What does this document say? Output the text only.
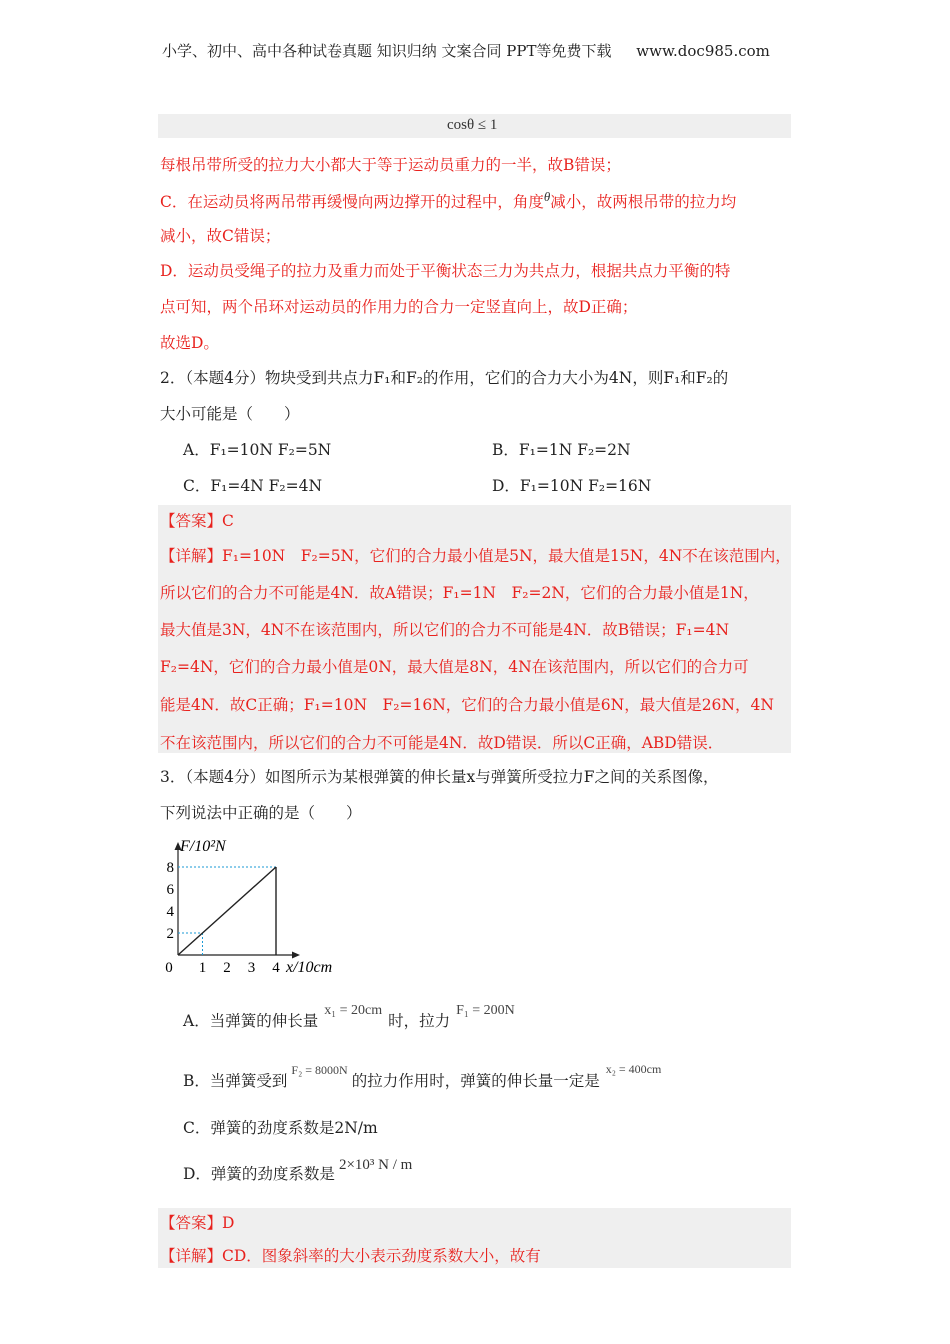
小学、初中、高中各种试卷真题 知识归纳 文案合同 PPT等免费下载 www.doc985.com
cosθ ≤ 1
每根吊带所受的拉力大小都大于等于运动员重力的一半，故B错误；
C．在运动员将两吊带再缓慢向两边撑开的过程中，角度$^\theta$减小，故两根吊带的拉力均
减小，故C错误；
D．运动员受绳子的拉力及重力而处于平衡状态三力为共点力，根据共点力平衡的特
点可知，两个吊环对运动员的作用力的合力一定竖直向上，故D正确；
故选D。
2．（本题4分）物块受到共点力F₁和F₂的作用，它们的合力大小为4N，则F₁和F₂的
大小可能是（　　）
A．F₁=10N F₂=5N	B．F₁=1N F₂=2N
C．F₁=4N F₂=4N	D．F₁=10N F₂=16N
【答案】C
【详解】F₁=10N　F₂=5N，它们的合力最小值是5N，最大值是15N，4N不在该范围内，
所以它们的合力不可能是4N．故A错误；F₁=1N　F₂=2N，它们的合力最小值是1N，
最大值是3N，4N不在该范围内，所以它们的合力不可能是4N．故B错误；F₁=4N
F₂=4N，它们的合力最小值是0N，最大值是8N，4N在该范围内，所以它们的合力可
能是4N．故C正确；F₁=10N　F₂=16N，它们的合力最小值是6N，最大值是26N，4N
不在该范围内，所以它们的合力不可能是4N．故D错误．所以C正确，ABD错误．
3．（本题4分）如图所示为某根弹簧的伸长量x与弹簧所受拉力F之间的关系图像，
下列说法中正确的是（　　）
F/10²N
8
6
4
2
0 1 2 3 4 x/10cm
A．当弹簧的伸长量x₁ = 20cm时，拉力F₁ = 200N
B．当弹簧受到$^{F_2 = 8000N}$的拉力作用时，弹簧的伸长量一定是$^{x_2 = 400cm}$
C．弹簧的劲度系数是2N/m
D．弹簧的劲度系数是 2×10³ N / m
【答案】D
【详解】CD．图象斜率的大小表示劲度系数大小，故有
